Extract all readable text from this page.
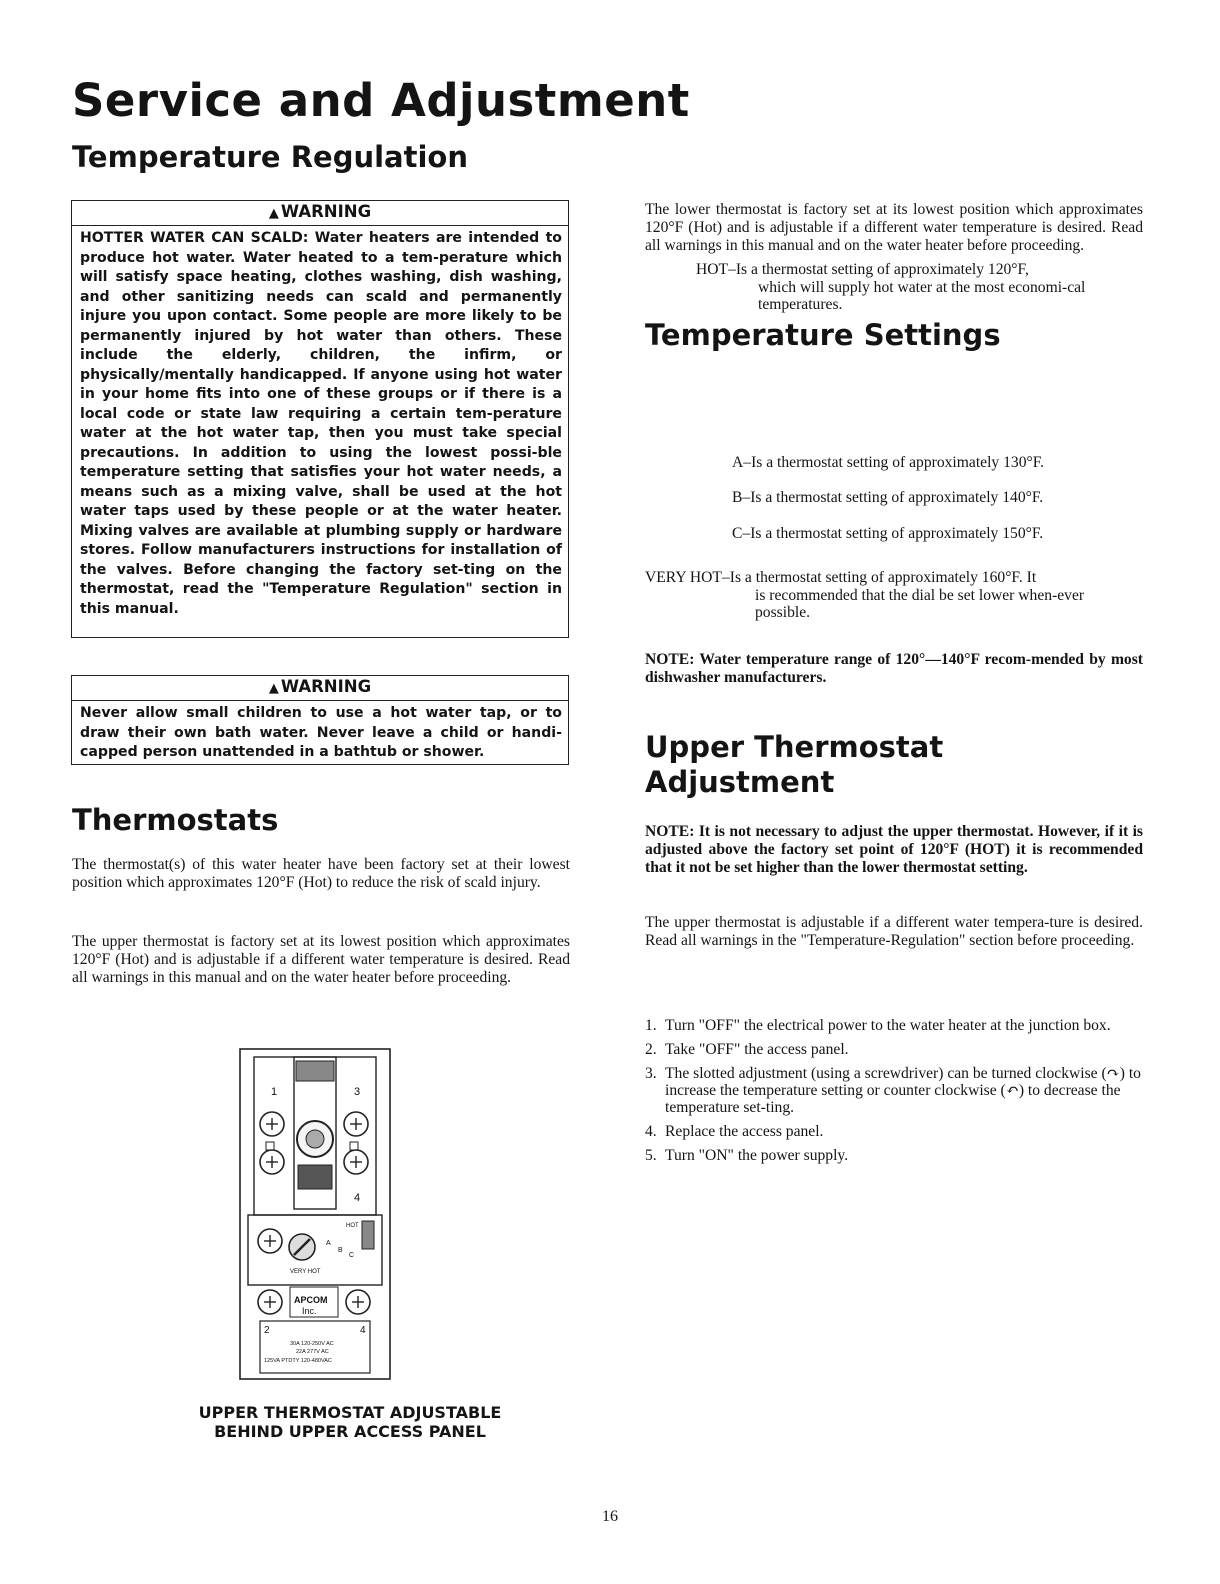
Service and Adjustment
Temperature Regulation
▲ WARNING
HOTTER WATER CAN SCALD: Water heaters are intended to produce hot water. Water heated to a tem-perature which will satisfy space heating, clothes washing, dish washing, and other sanitizing needs can scald and permanently injure you upon contact. Some people are more likely to be permanently injured by hot water than others. These include the elderly, children, the infirm, or physically/mentally handicapped. If anyone using hot water in your home fits into one of these groups or if there is a local code or state law requiring a certain tem-perature water at the hot water tap, then you must take special precautions. In addition to using the lowest possi-ble temperature setting that satisfies your hot water needs, a means such as a mixing valve, shall be used at the hot water taps used by these people or at the water heater. Mixing valves are available at plumbing supply or hardware stores. Follow manufacturers instructions for installation of the valves. Before changing the factory set-ting on the thermostat, read the "Temperature Regulation" section in this manual.
▲ WARNING
Never allow small children to use a hot water tap, or to draw their own bath water. Never leave a child or handi-capped person unattended in a bathtub or shower.
Thermostats

The thermostat(s) of this water heater have been factory set at their lowest position which approximates 120°F (Hot) to reduce the risk of scald injury.

The upper thermostat is factory set at its lowest position which approximates 120°F (Hot) and is adjustable if a different water temperature is desired. Read all warnings in this manual and on the water heater before proceeding.

1	3
4
HOT
A
B
C
VERY HOT
APCOM
Inc.
2	4
30A 120-250V AC
22A 277V AC
125VA PTDTY 120-480VAC

UPPER THERMOSTAT ADJUSTABLE
BEHIND UPPER ACCESS PANEL

The lower thermostat is factory set at its lowest position which approximates 120°F (Hot) and is adjustable if a different water temperature is desired. Read all warnings in this manual and on the water heater before proceeding.

Temperature Settings

HOT–Is a thermostat setting of approximately 120°F,
which will supply hot water at the most economi-cal temperatures.

A–Is a thermostat setting of approximately 130°F.

B–Is a thermostat setting of approximately 140°F.

C–Is a thermostat setting of approximately 150°F.

VERY HOT–Is a thermostat setting of approximately 160°F. It
is recommended that the dial be set lower when-ever possible.

NOTE: Water temperature range of 120°—140°F recom-mended by most dishwasher manufacturers.

Upper Thermostat
Adjustment

NOTE: It is not necessary to adjust the upper thermostat. However, if it is adjusted above the factory set point of 120°F (HOT) it is recommended that it not be set higher than the lower thermostat setting.

The upper thermostat is adjustable if a different water tempera-ture is desired. Read all warnings in the "Temperature-Regulation" section before proceeding.

1. Turn "OFF" the electrical power to the water heater at the junction box.
2. Take "OFF" the access panel.
3. The slotted adjustment (using a screwdriver) can be turned clockwise (↷) to increase the temperature setting or counter clockwise (↶) to decrease the temperature set-ting.
4. Replace the access panel.
5. Turn "ON" the power supply.

16
